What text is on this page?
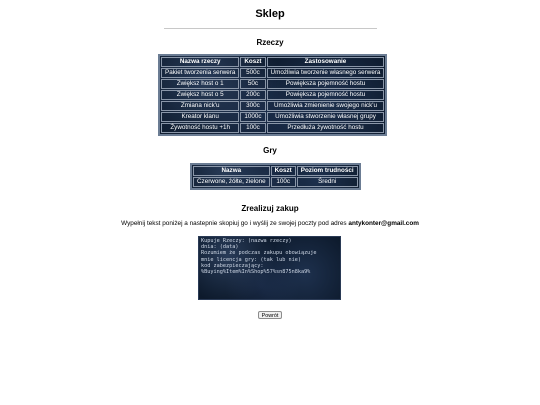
Sklep
Rzeczy
Nazwa rzeczy	Koszt	Zastosowanie
Pakiet tworzenia serwera	500c	Umożliwia tworzenie własnego serwera
Zwiększ host o 1	50c	Powiększa pojemność hostu
Zwiększ host o 5	200c	Powiększa pojemność hostu
Zmiana nick'u	300c	Umożliwia zmienienie swojego nick'u
Kreator klanu	1000c	Umożliwia stworzenie własnej grupy
Żywotność hostu +1h	100c	Przedłuża żywotność hostu
Gry
Nazwa	Koszt	Poziom trudności
Czerwone, żółte, zielone	100c	Średni
Zrealizuj zakup
Wypełnij tekst poniżej a nastepnie skopiuj go i wyślij ze swojej poczty pod adres antykonter@gmail.com
Kupuje Rzeczy: (nazwa rzeczy)
dnia: (data)
Rozumiem że podczas zakupu obowiązuje
mnie licencja gry: (tak lub nie)
kod zabezpieczający:
%Buying%Item%In%Shop%57%sn875n8ka9%
Powrót
